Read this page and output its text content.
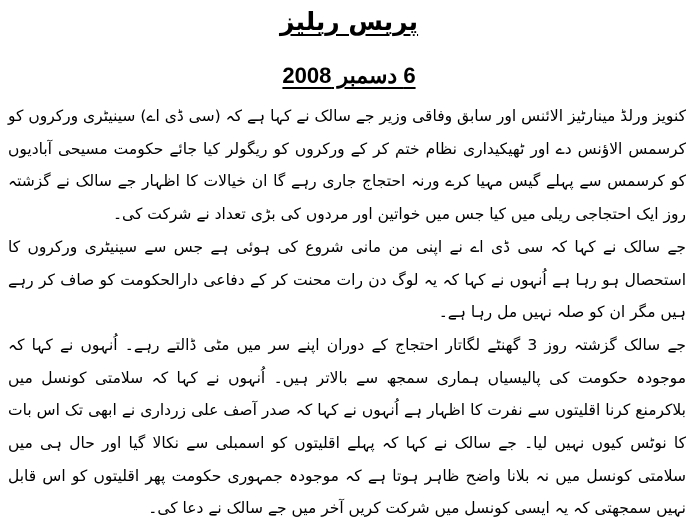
پریس ریلیز
6 دسمبر 2008

کنویز ورلڈ مینارٹیز الائنس اور سابق وفاقی وزیر جے سالک نے کہا ہے کہ (سی ڈی اے) سینیٹری ورکروں کو کرسمس الاؤنس دے اور ٹھیکیداری نظام ختم کر کے ورکروں کو ریگولر کیا جائے حکومت مسیحی آبادیوں کو کرسمس سے پہلے گیس مہیا کرے ورنہ احتجاج جاری رہے گا ان خیالات کا اظہار جے سالک نے گزشتہ روز ایک احتجاجی ریلی میں کیا جس میں خواتین اور مردوں کی بڑی تعداد نے شرکت کی۔

جے سالک نے کہا کہ سی ڈی اے نے اپنی من مانی شروع کی ہوئی ہے جس سے سینیٹری ورکروں کا استحصال ہو رہا ہے اُنہوں نے کہا کہ یہ لوگ دن رات محنت کر کے دفاعی دارالحکومت کو صاف کر رہے ہیں مگر ان کو صلہ نہیں مل رہا ہے۔

جے سالک گزشتہ روز 3 گھنٹے لگاتار احتجاج کے دوران اپنے سر میں مٹی ڈالتے رہے۔ اُنہوں نے کہا کہ موجودہ حکومت کی پالیسیاں ہماری سمجھ سے بالاتر ہیں۔ اُنہوں نے کہا کہ سلامتی کونسل میں بلاکرمنع کرنا اقلیتوں سے نفرت کا اظہار ہے اُنہوں نے کہا کہ صدر آصف علی زرداری نے ابھی تک اس بات کا نوٹس کیوں نہیں لیا۔ جے سالک نے کہا کہ پہلے اقلیتوں کو اسمبلی سے نکالا گیا اور حال ہی میں سلامتی کونسل میں نہ بلانا واضح ظاہر ہوتا ہے کہ موجودہ جمہوری حکومت پھر اقلیتوں کو اس قابل نہیں سمجھتی کہ یہ ایسی کونسل میں شرکت کریں آخر میں جے سالک نے دعا کی۔
